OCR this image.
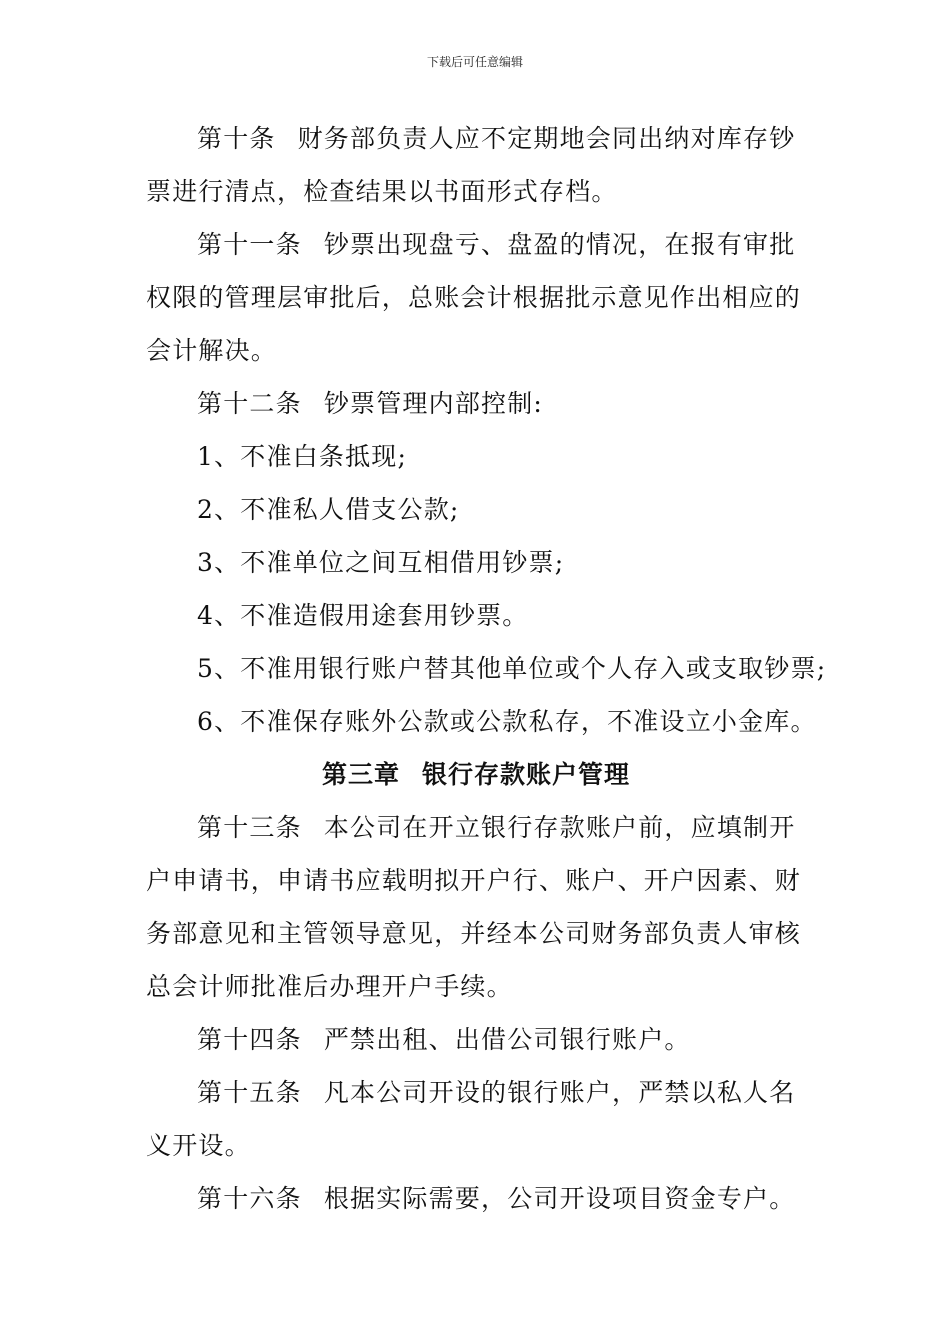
下载后可任意编辑

第十条 财务部负责人应不定期地会同出纳对库存钞

票进行清点，检查结果以书面形式存档。

第十一条 钞票出现盘亏、盘盈的情况，在报有审批

权限的管理层审批后，总账会计根据批示意见作出相应的

会计解决。

第十二条 钞票管理内部控制:

1、不准白条抵现;

2、不准私人借支公款;

3、不准单位之间互相借用钞票;

4、不准造假用途套用钞票。

5、不准用银行账户替其他单位或个人存入或支取钞票;

6、不准保存账外公款或公款私存，不准设立小金库。

第三章 银行存款账户管理

第十三条 本公司在开立银行存款账户前，应填制开

户申请书，申请书应载明拟开户行、账户、开户因素、财

务部意见和主管领导意见，并经本公司财务部负责人审核

总会计师批准后办理开户手续。

第十四条 严禁出租、出借公司银行账户。

第十五条 凡本公司开设的银行账户，严禁以私人名

义开设。

第十六条 根据实际需要，公司开设项目资金专户。
